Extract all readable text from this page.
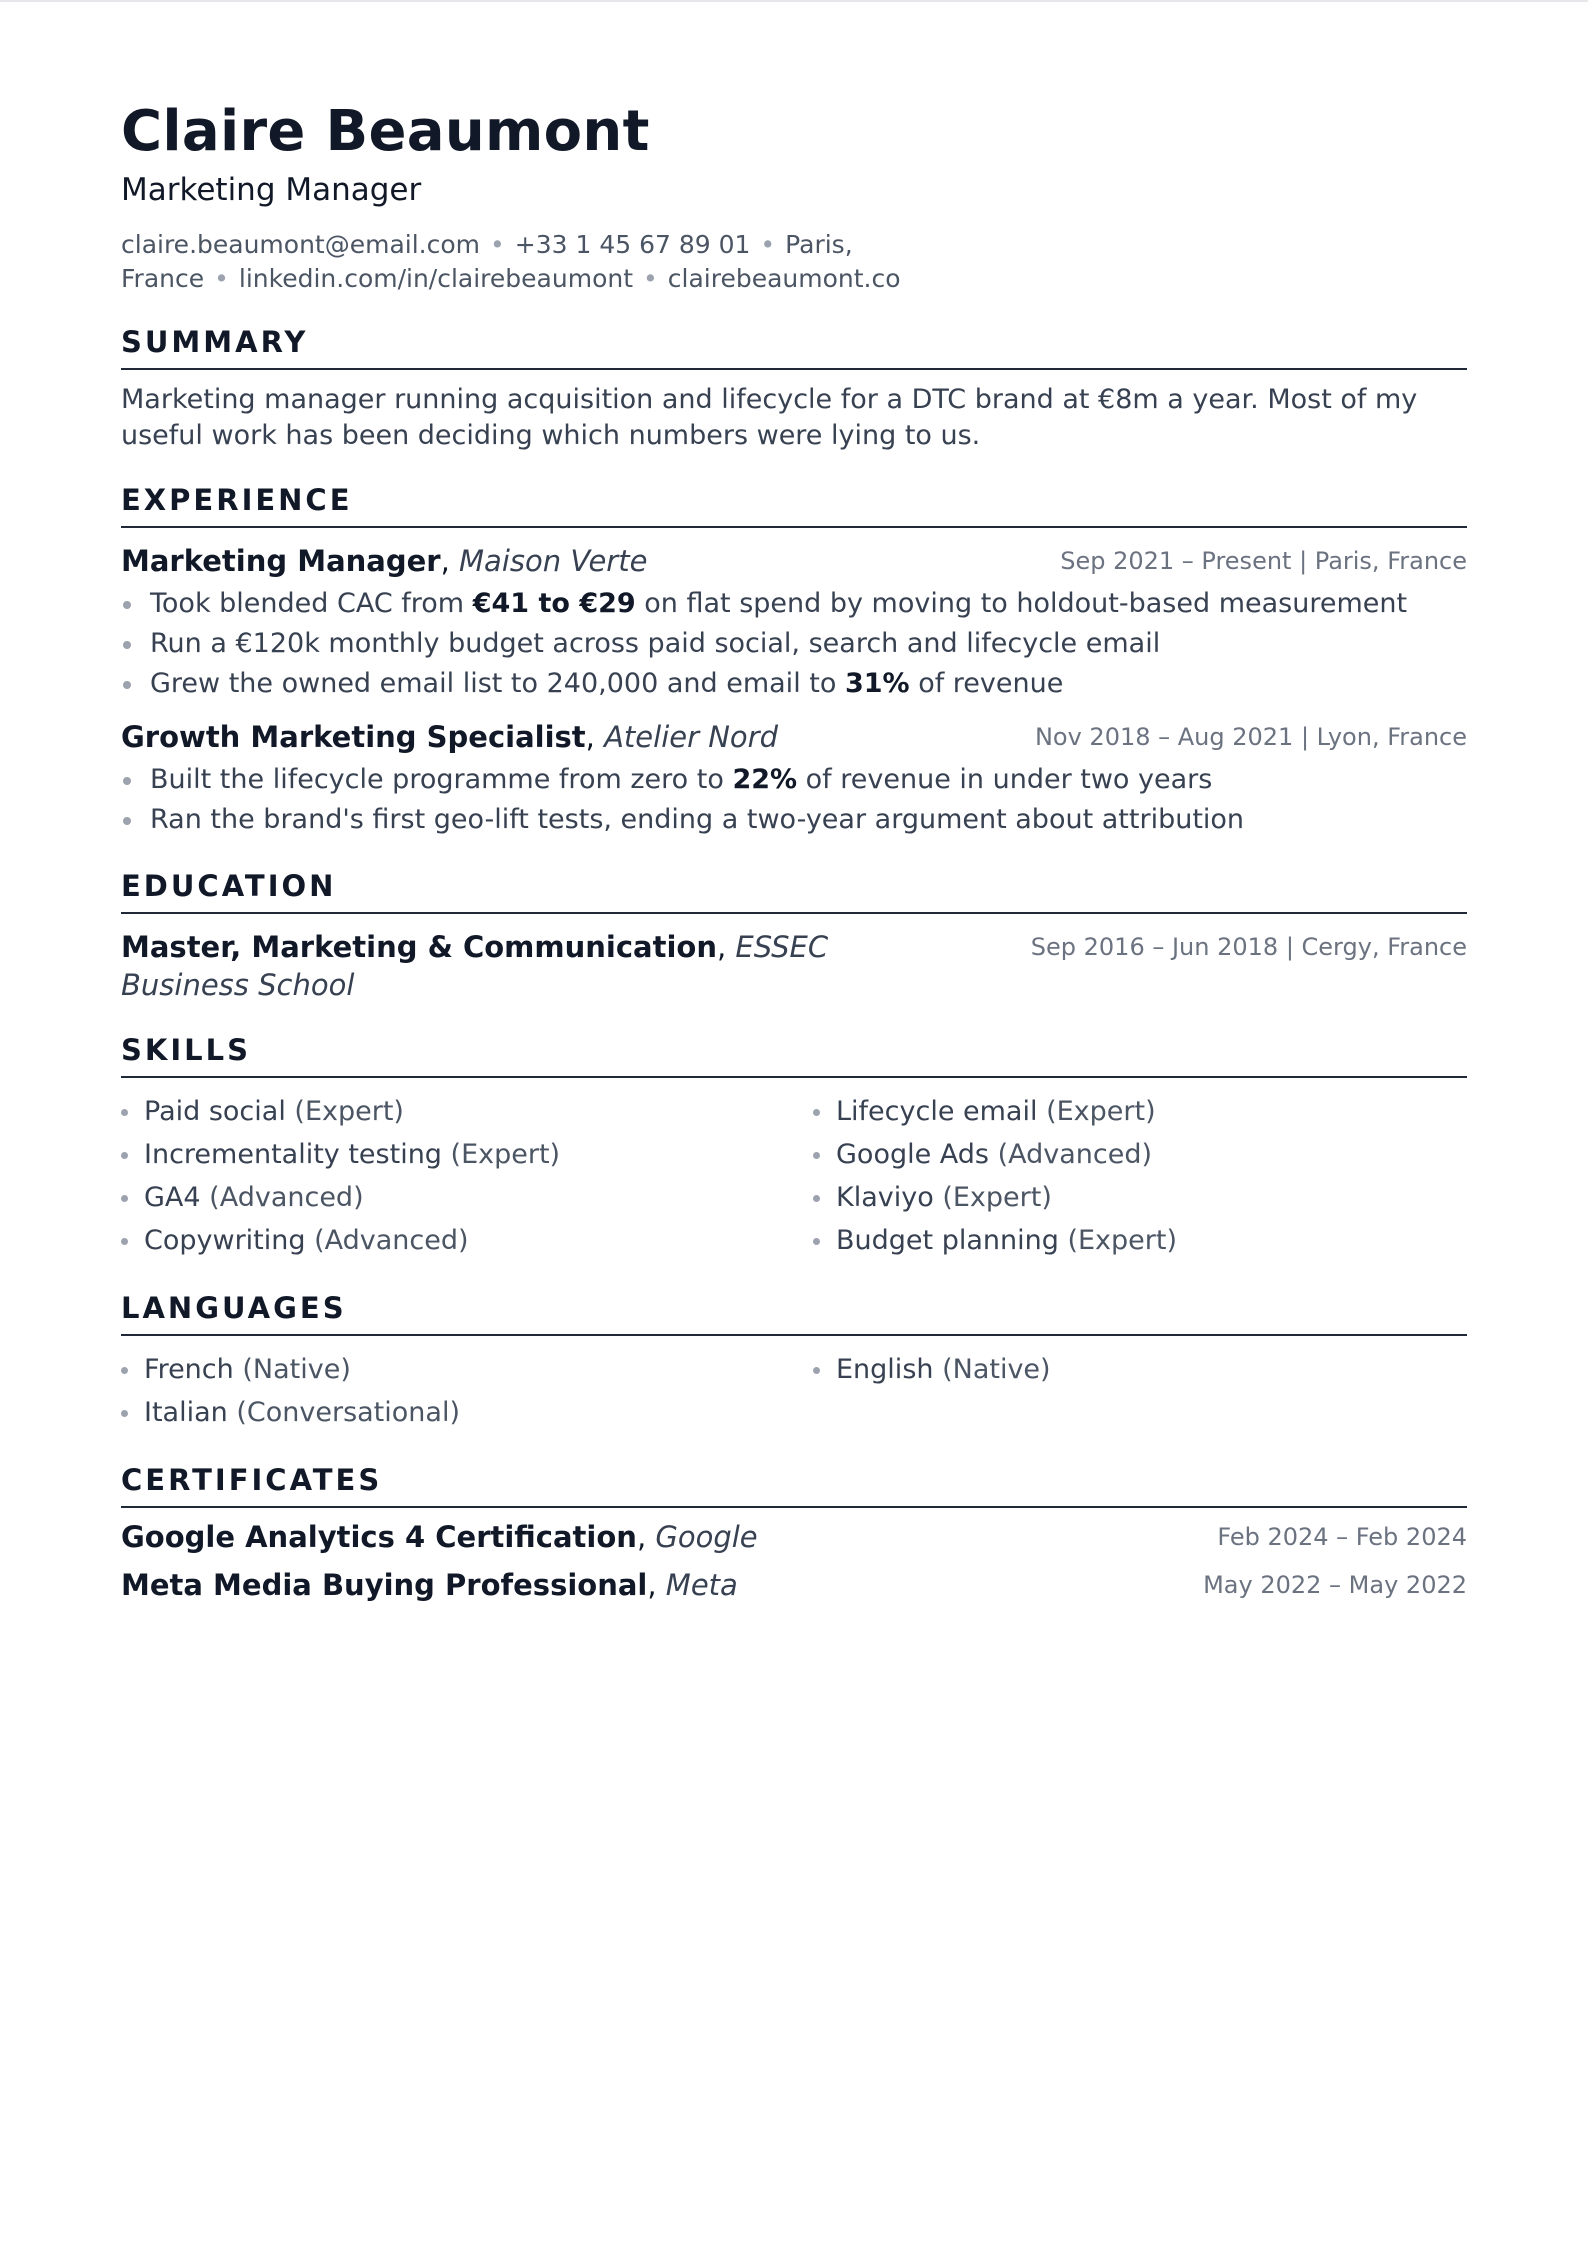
Claire Beaumont
Marketing Manager
claire.beaumont@email.com • +33 1 45 67 89 01 • Paris, France • linkedin.com/in/clairebeaumont • clairebeaumont.co
SUMMARY
Marketing manager running acquisition and lifecycle for a DTC brand at €8m a year. Most of my useful work has been deciding which numbers were lying to us.
EXPERIENCE
Marketing Manager, Maison Verte	Sep 2021 – Present | Paris, France
Took blended CAC from €41 to €29 on flat spend by moving to holdout-based measurement
Run a €120k monthly budget across paid social, search and lifecycle email
Grew the owned email list to 240,000 and email to 31% of revenue
Growth Marketing Specialist, Atelier Nord	Nov 2018 – Aug 2021 | Lyon, France
Built the lifecycle programme from zero to 22% of revenue in under two years
Ran the brand's first geo-lift tests, ending a two-year argument about attribution
EDUCATION
Master, Marketing & Communication, ESSEC Business School
Sep 2016 – Jun 2018 | Cergy, France
SKILLS
Paid social (Expert)	Lifecycle email (Expert)
Incrementality testing (Expert)	Google Ads (Advanced)
GA4 (Advanced)	Klaviyo (Expert)
Copywriting (Advanced)	Budget planning (Expert)
LANGUAGES
French (Native)	English (Native)
Italian (Conversational)
CERTIFICATES
Google Analytics 4 Certification, Google	Feb 2024 – Feb 2024
Meta Media Buying Professional, Meta	May 2022 – May 2022
